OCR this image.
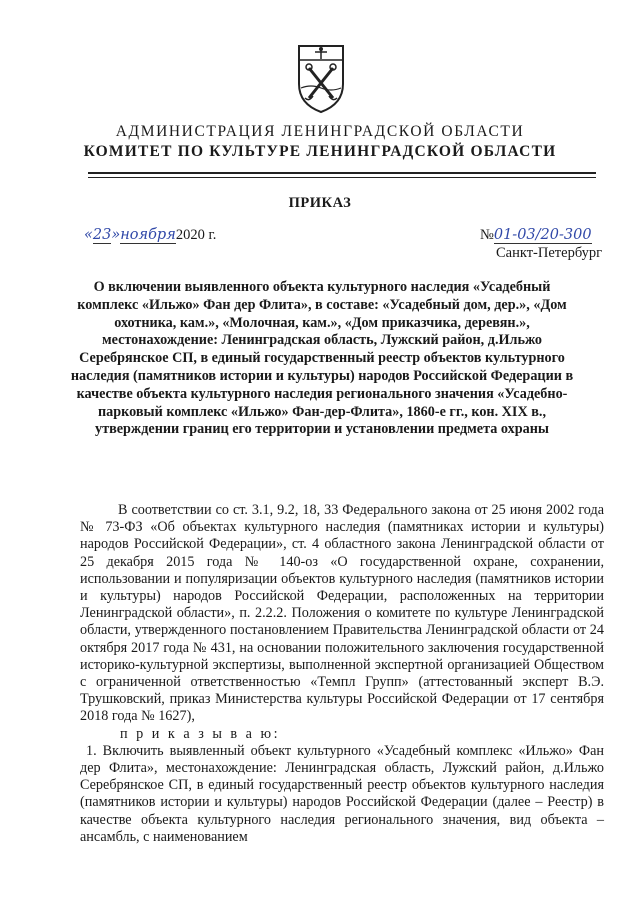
АДМИНИСТРАЦИЯ ЛЕНИНГРАДСКОЙ ОБЛАСТИ
КОМИТЕТ ПО КУЛЬТУРЕ ЛЕНИНГРАДСКОЙ ОБЛАСТИ
ПРИКАЗ
«23»ноября2020 г.	№01-03/20-300
Санкт-Петербург
О включении выявленного объекта культурного наследия «Усадебный комплекс «Ильжо» Фан дер Флита», в составе: «Усадебный дом, дер.», «Дом охотника, кам.», «Молочная, кам.», «Дом приказчика, деревян.», местонахождение: Ленинградская область, Лужский район, д.Ильжо Серебрянское СП, в единый государственный реестр объектов культурного наследия (памятников истории и культуры) народов Российской Федерации в качестве объекта культурного наследия регионального значения «Усадебно-парковый комплекс «Ильжо» Фан-дер-Флита», 1860-е гг., кон. XIX в., утверждении границ его территории и установлении предмета охраны

В соответствии со ст. 3.1, 9.2, 18, 33 Федерального закона от 25 июня 2002 года № 73-ФЗ «Об объектах культурного наследия (памятниках истории и культуры) народов Российской Федерации», ст. 4 областного закона Ленинградской области от 25 декабря 2015 года № 140-оз «О государственной охране, сохранении, использовании и популяризации объектов культурного наследия (памятников истории и культуры) народов Российской Федерации, расположенных на территории Ленинградской области», п. 2.2.2. Положения о комитете по культуре Ленинградской области, утвержденного постановлением Правительства Ленинградской области от 24 октября 2017 года № 431, на основании положительного заключения государственной историко-культурной экспертизы, выполненной экспертной организацией Обществом с ограниченной ответственностью «Темпл Групп» (аттестованный эксперт В.Э. Трушковский, приказ Министерства культуры Российской Федерации от 17 сентября 2018 года № 1627),

п р и к а з ы в а ю:

1. Включить выявленный объект культурного «Усадебный комплекс «Ильжо» Фан дер Флита», местонахождение: Ленинградская область, Лужский район, д.Ильжо Серебрянское СП, в единый государственный реестр объектов культурного наследия (памятников истории и культуры) народов Российской Федерации (далее – Реестр) в качестве объекта культурного наследия регионального значения, вид объекта – ансамбль, с наименованием
